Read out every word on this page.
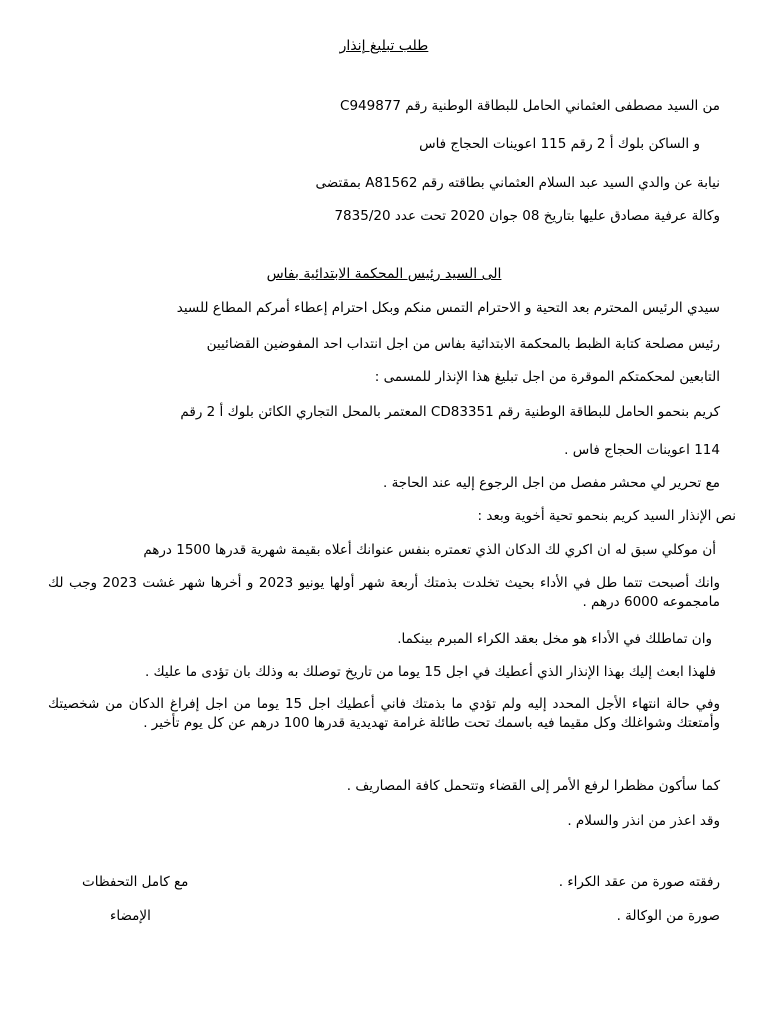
طلب تبليغ إنذار
من السيد مصطفى العثماني الحامل للبطاقة الوطنية رقم C949877
و الساكن بلوك أ 2 رقم 115 اعوينات الحجاج فاس
نيابة عن والدي السيد عبد السلام العثماني بطاقته رقم A81562 بمقتضى
وكالة عرفية مصادق عليها بتاريخ 08 جوان 2020 تحت عدد 7835/20
الى السيد رئيس المحكمة الابتدائية بفاس
سيدي الرئيس المحترم بعد التحية و الاحترام التمس منكم وبكل احترام إعطاء أمركم المطاع للسيد
رئيس مصلحة كتابة الظبط بالمحكمة الابتدائية بفاس من اجل انتداب احد المفوضين القضائيين
التابعين لمحكمتكم الموقرة من اجل تبليغ هذا الإنذار للمسمى :
كريم بنحمو الحامل للبطاقة الوطنية رقم CD83351 المعتمر بالمحل التجاري الكائن بلوك أ 2 رقم
114 اعوينات الحجاج فاس .
مع تحرير لي محشر مفصل من اجل الرجوع إليه عند الحاجة .
نص الإنذار السيد كريم بنحمو تحية أخوية وبعد :
أن موكلي سبق له ان اكري لك الدكان الذي تعمتره بنفس عنوانك أعلاه بقيمة شهرية قدرها 1500 درهم
وانك أصبحت تتما طل في الأداء بحيث تخلدت بذمتك أربعة شهر أولها يونيو 2023 و أخرها شهر غشت 2023 وجب لك مامجموعه 6000 درهم .
وان تماطلك في الأداء هو مخل بعقد الكراء المبرم بينكما.
فلهذا ابعث إليك بهذا الإنذار الذي أعطيك في اجل 15 يوما من تاريخ توصلك به وذلك بان تؤدى ما عليك .
وفي حالة انتهاء الأجل المحدد إليه ولم تؤدي ما بذمتك فاني أعطيك اجل 15 يوما من اجل إفراغ الدكان من شخصيتك وأمتعتك وشواغلك وكل مقيما فيه باسمك تحت طائلة غرامة تهديدية قدرها 100 درهم عن كل يوم تأخير .
كما سأكون مظطرا لرفع الأمر إلى القضاء وتتحمل كافة المصاريف .
وقد اعذر من انذر والسلام .
رفقته صورة من عقد الكراء .
صورة من الوكالة .
مع كامل التحفظات
الإمضاء
